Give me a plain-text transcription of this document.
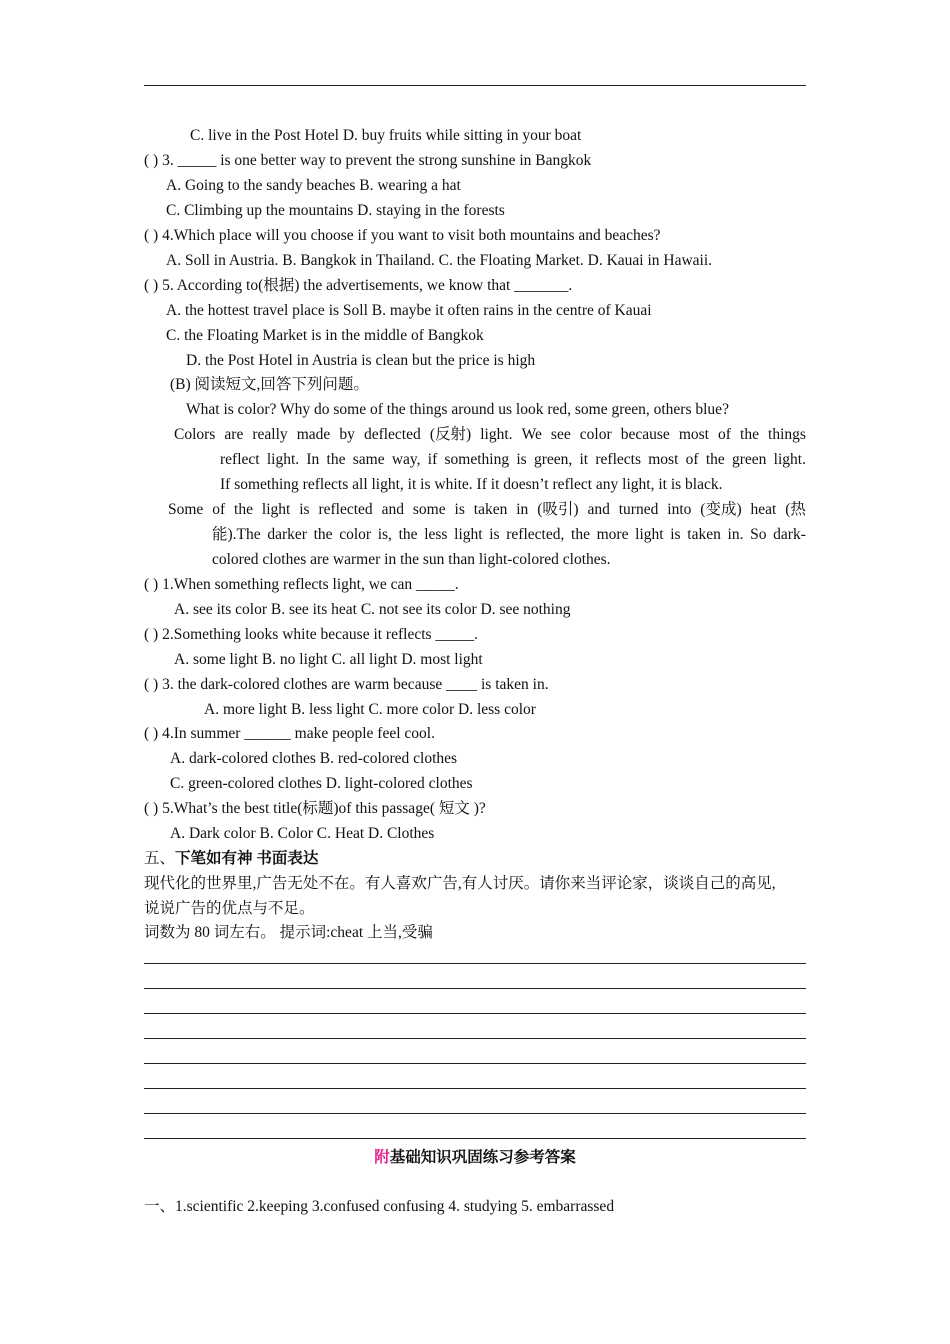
C. live in the Post Hotel D. buy fruits while sitting in your boat
( ) 3. _____ is one better way to prevent the strong sunshine in Bangkok
A. Going to the sandy beaches B. wearing a hat
C. Climbing up the mountains D. staying in the forests
( ) 4.Which place will you choose if you want to visit both mountains and beaches?
A. Soll in Austria. B. Bangkok in Thailand. C. the Floating Market. D. Kauai in Hawaii.
( ) 5. According to(根据) the advertisements, we know that _______.
A. the hottest travel place is Soll B. maybe it often rains in the centre of Kauai
C. the Floating Market is in the middle of Bangkok
D. the Post Hotel in Austria is clean but the price is high
(B) 阅读短文,回答下列问题。
What is color? Why do some of the things around us look red, some green, others blue?
Colors are really made by deflected (反射) light. We see color because most of the things
reflect light. In the same way, if something is green, it reflects most of the green light.
If something reflects all light, it is white. If it doesn’t reflect any light, it is black.
Some of the light is reflected and some is taken in (吸引) and turned into (变成) heat (热
能).The darker the color is, the less light is reflected, the more light is taken in. So dark-
colored clothes are warmer in the sun than light-colored clothes.
( ) 1.When something reflects light, we can _____.
A. see its color B. see its heat C. not see its color D. see nothing
( ) 2.Something looks white because it reflects _____.
A. some light B. no light C. all light D. most light
( ) 3. the dark-colored clothes are warm because ____ is taken in.
A. more light B. less light C. more color D. less color
( ) 4.In summer ______ make people feel cool.
A. dark-colored clothes B. red-colored clothes
C. green-colored clothes D. light-colored clothes
( ) 5.What’s the best title(标题)of this passage( 短文 )?
A. Dark color B. Color C. Heat D. Clothes
五、下笔如有神 书面表达
现代化的世界里,广告无处不在。有人喜欢广告,有人讨厌。请你来当评论家，谈谈自己的高见,
说说广告的优点与不足。
词数为 80 词左右。 提示词:cheat 上当,受骗
附基础知识巩固练习参考答案
一、1.scientific 2.keeping 3.confused confusing 4. studying 5. embarrassed
